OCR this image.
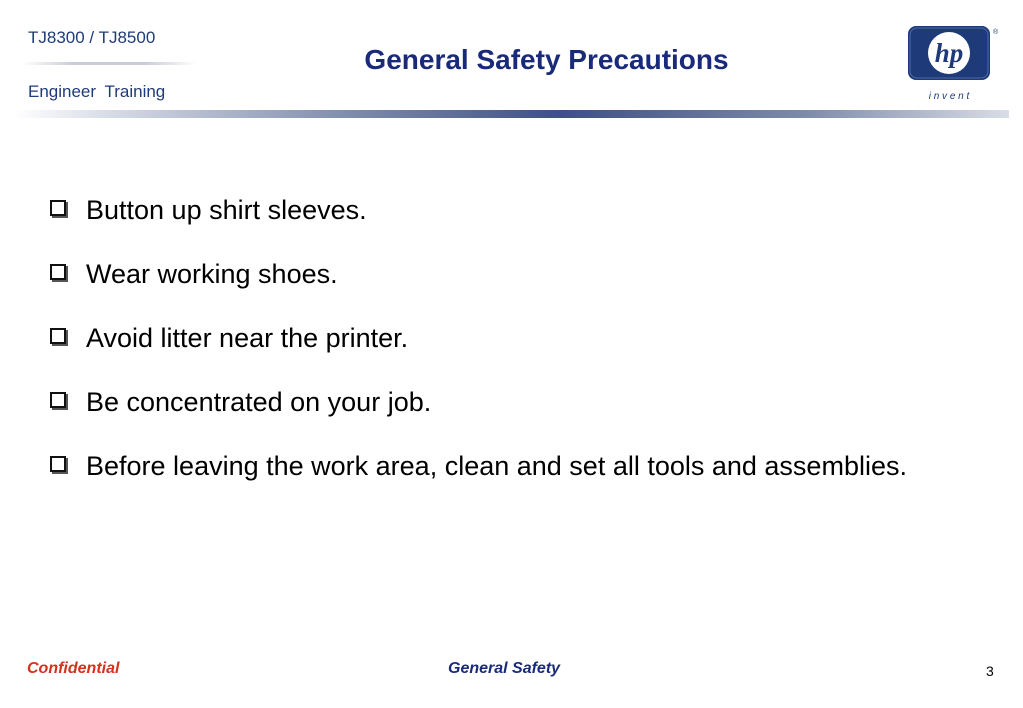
TJ8300 / TJ8500
Engineer Training
General Safety Precautions	hp
®
i n v e n t
Button up shirt sleeves.
Wear working shoes.
Avoid litter near the printer.
Be concentrated on your job.
Before leaving the work area, clean and set all tools and assemblies.
Confidential	General Safety	3
